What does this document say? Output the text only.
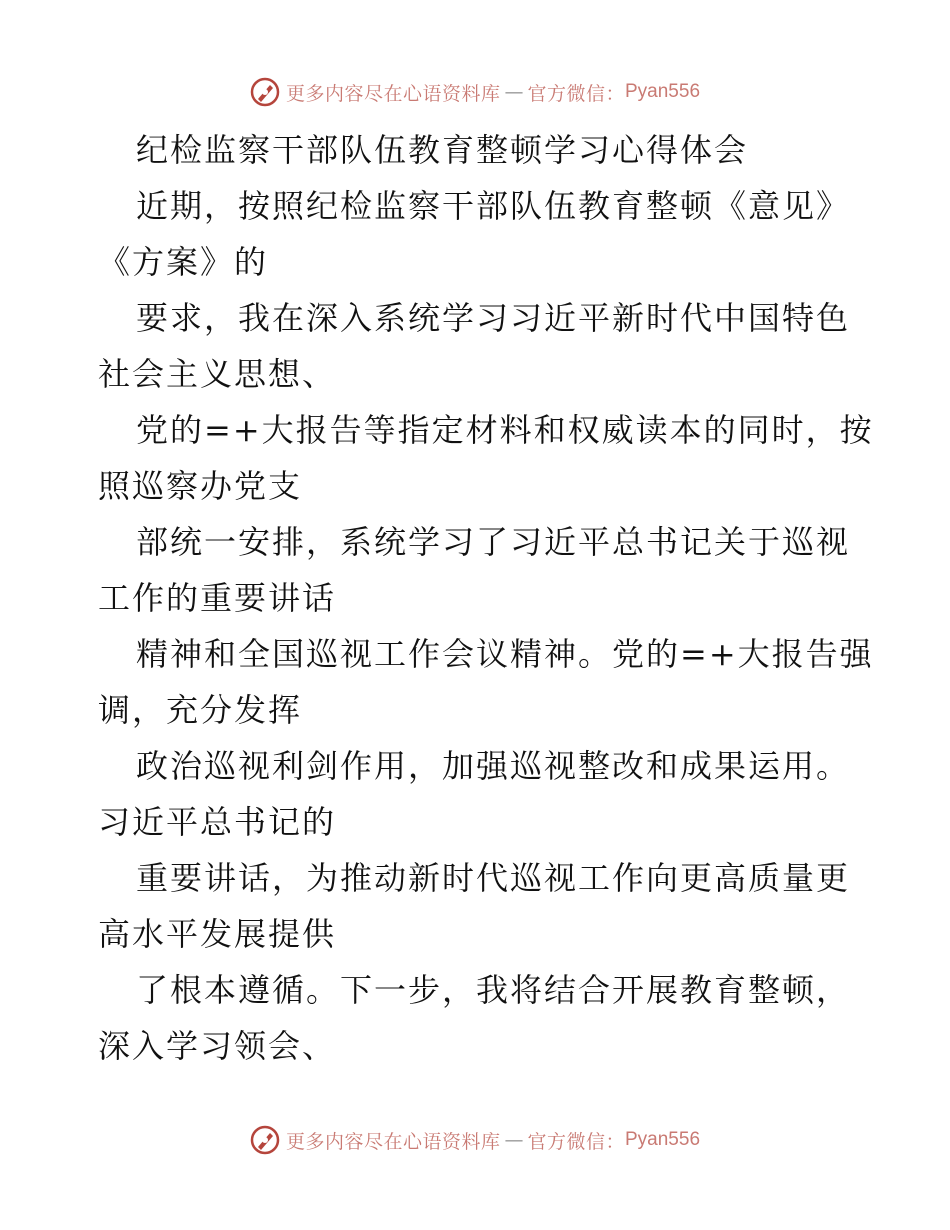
更多内容尽在心语资料库 — 官方微信： Pyan556
纪检监察干部队伍教育整顿学习心得体会
近期，按照纪检监察干部队伍教育整顿《意见》
《方案》的
要求，我在深入系统学习习近平新时代中国特色
社会主义思想、
党的=+大报告等指定材料和权威读本的同时，按
照巡察办党支
部统一安排，系统学习了习近平总书记关于巡视
工作的重要讲话
精神和全国巡视工作会议精神。党的=+大报告强
调，充分发挥
政治巡视利剑作用，加强巡视整改和成果运用。
习近平总书记的
重要讲话，为推动新时代巡视工作向更高质量更
高水平发展提供
了根本遵循。下一步，我将结合开展教育整顿，
深入学习领会、
更多内容尽在心语资料库 — 官方微信： Pyan556
